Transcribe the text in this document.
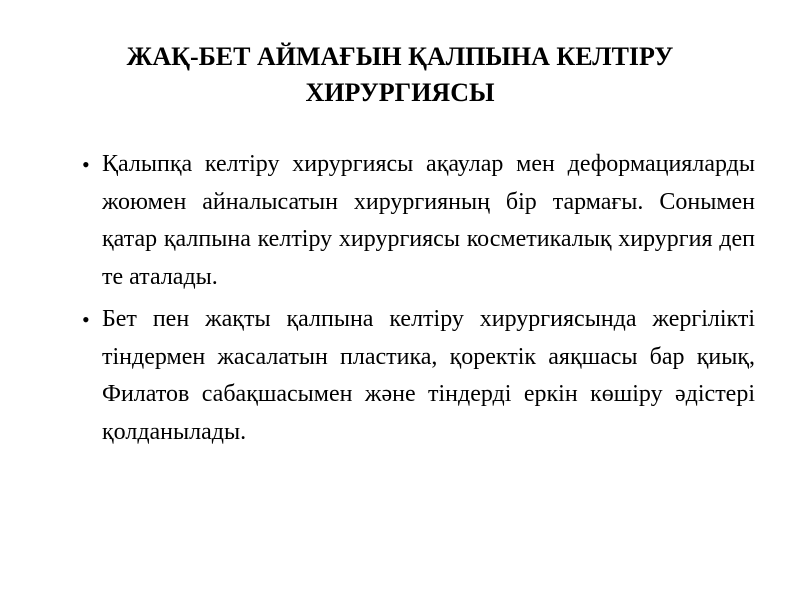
ЖАҚ-БЕТ АЙМАҒЫН ҚАЛПЫНА КЕЛТІРУ
ХИРУРГИЯСЫ
• Қалыпқа келтіру хирургиясы ақаулар мен деформацияларды жоюмен айналысатын хирургияның бір тармағы. Сонымен қатар қалпына келтіру хирургиясы косметикалық хирургия деп те аталады.
• Бет пен жақты қалпына келтіру хирургиясында жергілікті тіндермен жасалатын пластика, қоректік аяқшасы бар қиық, Филатов сабақшасымен және тіндерді еркін көшіру әдістері қолданылады.
